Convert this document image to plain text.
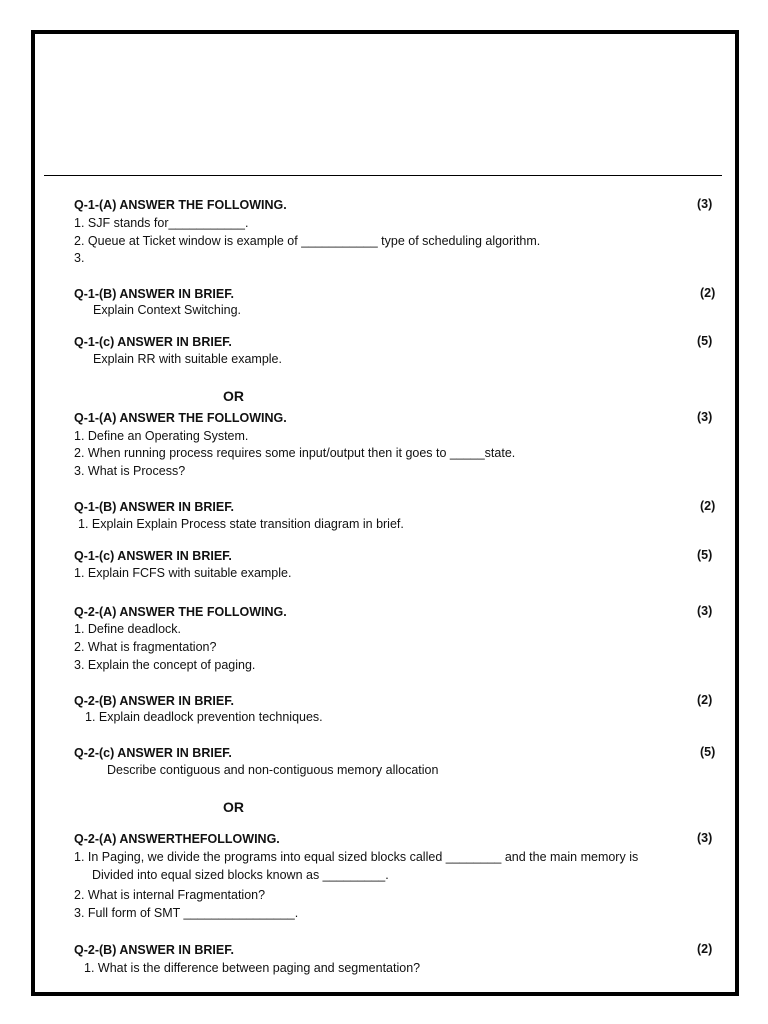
Q-1-(A) ANSWER THE FOLLOWING.	(3)
1. SJF stands for___________.
2. Queue at Ticket window is example of ___________ type of scheduling algorithm.
3.
Q-1-(B) ANSWER IN BRIEF.	(2)
Explain Context Switching.
Q-1-(c) ANSWER IN BRIEF.	(5)
Explain RR with suitable example.
OR
Q-1-(A) ANSWER THE FOLLOWING.	(3)
1. Define an Operating System.
2. When running process requires some input/output then it goes to _____state.
3. What is Process?
Q-1-(B) ANSWER IN BRIEF.	(2)
1. Explain Explain Process state transition diagram in brief.
Q-1-(c) ANSWER IN BRIEF.	(5)
1. Explain FCFS with suitable example.
Q-2-(A) ANSWER THE FOLLOWING.	(3)
1. Define deadlock.
2. What is fragmentation?
3. Explain the concept of paging.
Q-2-(B) ANSWER IN BRIEF.	(2)
1. Explain deadlock prevention techniques.
Q-2-(c) ANSWER IN BRIEF.	(5)
Describe contiguous and non-contiguous memory allocation
OR
Q-2-(A) ANSWERTHEFOLLOWING.	(3)
1. In Paging, we divide the programs into equal sized blocks called ________ and the main memory is
Divided into equal sized blocks known as _________.
2. What is internal Fragmentation?
3. Full form of SMT ________________.
Q-2-(B) ANSWER IN BRIEF.	(2)
1. What is the difference between paging and segmentation?
